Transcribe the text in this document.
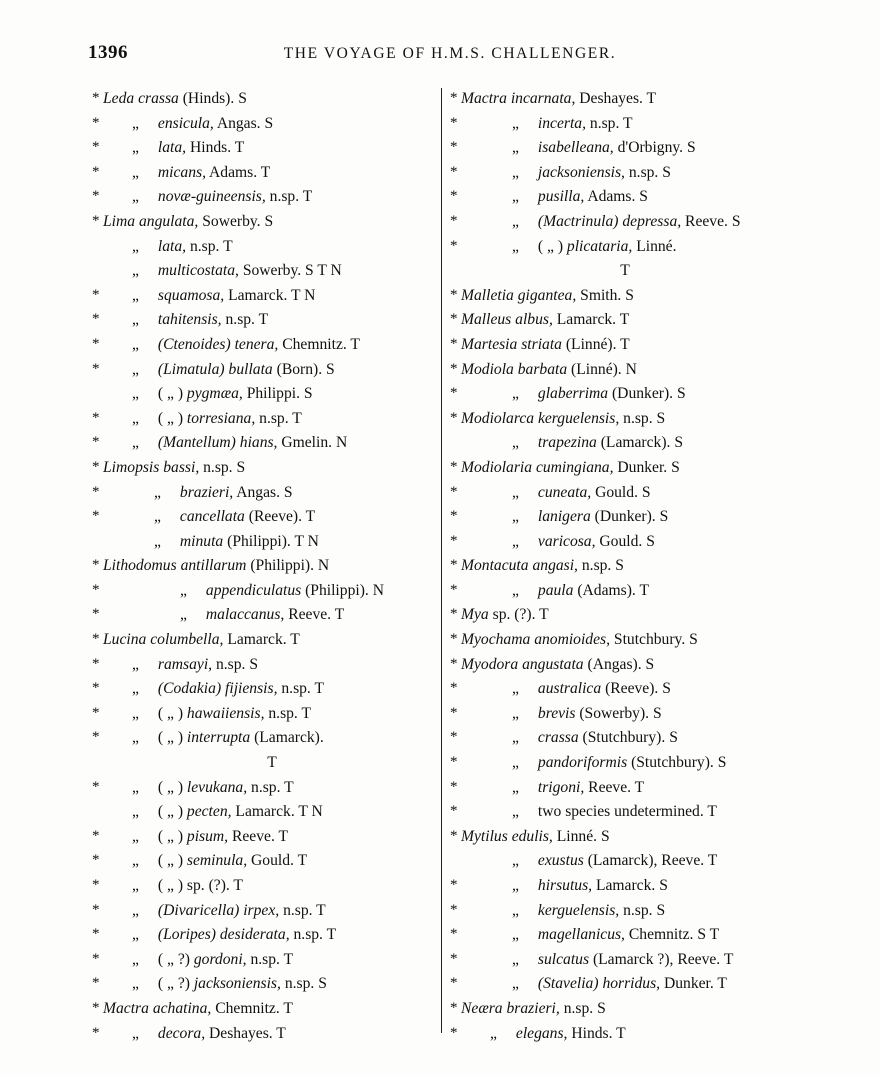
1396	THE VOYAGE OF H.M.S. CHALLENGER.
* Leda crassa (Hinds). S
* „ ensicula, Angas. S
* „ lata, Hinds. T
* „ micans, Adams. T
* „ novæ-guineensis, n.sp. T
* Lima angulata, Sowerby. S
„ lata, n.sp. T
„ multicostata, Sowerby. S T N
* „ squamosa, Lamarck. T N
* „ tahitensis, n.sp. T
* „ (Ctenoides) tenera, Chemnitz. T
* „ (Limatula) bullata (Born). S
„ ( „ ) pygmæa, Philippi. S
* „ ( „ ) torresiana, n.sp. T
* „ (Mantellum) hians, Gmelin. N
* Limopsis bassi, n.sp. S
*	„ brazieri, Angas. S
*	„ cancellata (Reeve). T
„ minuta (Philippi). T N
* Lithodomus antillarum (Philippi). N
*	„ appendiculatus (Philippi). N
*	„ malaccanus, Reeve. T
* Lucina columbella, Lamarck. T
* „ ramsayi, n.sp. S
* „ (Codakia) fijiensis, n.sp. T
* „ ( „ ) hawaiiensis, n.sp. T
* „ ( „ ) interrupta (Lamarck).
T
* „ ( „ ) levukana, n.sp. T
„ ( „ ) pecten, Lamarck. T N
* „ ( „ ) pisum, Reeve. T
* „ ( „ ) seminula, Gould. T
* „ ( „ ) sp. (?). T
* „ (Divaricella) irpex, n.sp. T
* „ (Loripes) desiderata, n.sp. T
* „ ( „ ?) gordoni, n.sp. T
* „ ( „ ?) jacksoniensis, n.sp. S
* Mactra achatina, Chemnitz. T
* „ decora, Deshayes. T
* Mactra incarnata, Deshayes. T
*	„ incerta, n.sp. T
*	„ isabelleana, d'Orbigny. S
*	„ jacksoniensis, n.sp. S
*	„ pusilla, Adams. S
*	„ (Mactrinula) depressa, Reeve. S
*	„ ( „ ) plicataria, Linné.
T
* Malletia gigantea, Smith. S
* Malleus albus, Lamarck. T
* Martesia striata (Linné). T
* Modiola barbata (Linné). N
*	„ glaberrima (Dunker). S
* Modiolarca kerguelensis, n.sp. S
„ trapezina (Lamarck). S
* Modiolaria cumingiana, Dunker. S
*	„ cuneata, Gould. S
*	„ lanigera (Dunker). S
*	„ varicosa, Gould. S
* Montacuta angasi, n.sp. S
*	„ paula (Adams). T
* Mya sp. (?). T
* Myochama anomioides, Stutchbury. S
* Myodora angustata (Angas). S
*	„ australica (Reeve). S
*	„ brevis (Sowerby). S
*	„ crassa (Stutchbury). S
*	„ pandoriformis (Stutchbury). S
*	„ trigoni, Reeve. T
*	„ two species undetermined. T
* Mytilus edulis, Linné. S
„ exustus (Lamarck), Reeve. T
*	„ hirsutus, Lamarck. S
*	„ kerguelensis, n.sp. S
*	„ magellanicus, Chemnitz. S T
*	„ sulcatus (Lamarck ?), Reeve. T
*	„ (Stavelia) horridus, Dunker. T
* Neæra brazieri, n.sp. S
* „ elegans, Hinds. T
